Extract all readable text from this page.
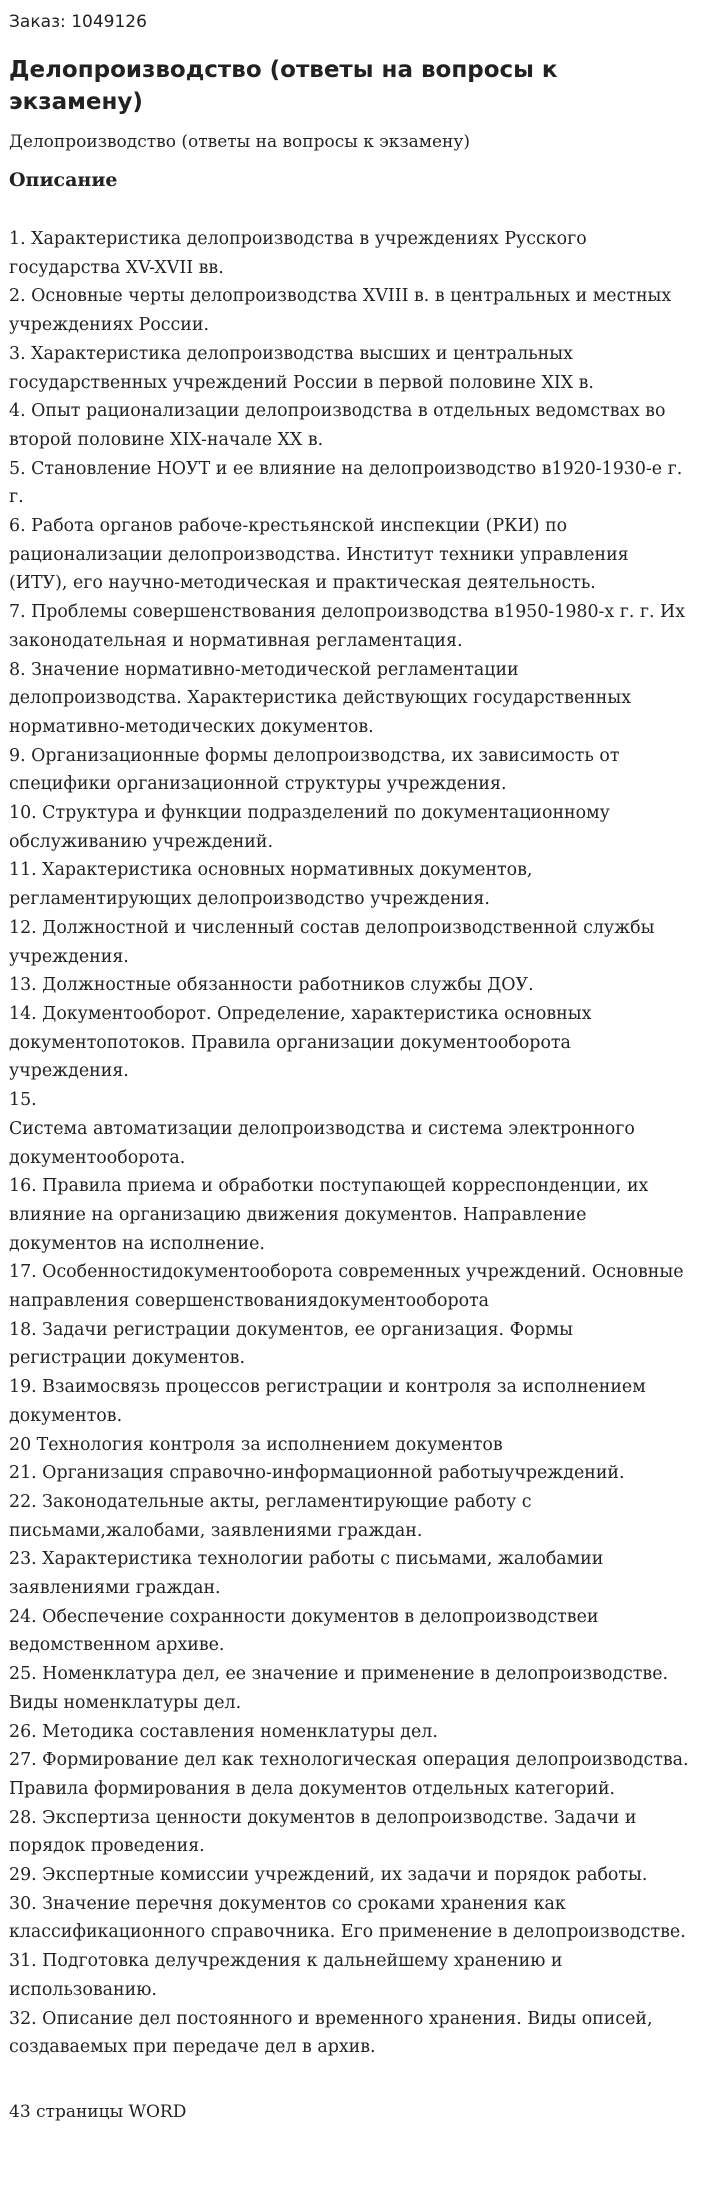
Заказ: 1049126

Делопроизводство (ответы на вопросы к экзамену)

Делопроизводство (ответы на вопросы к экзамену)

Описание
1. Характеристика делопроизводства в учреждениях Русского государства XV-XVII вв.
2. Основные черты делопроизводства XVIII в. в центральных и местных учреждениях России.
3. Характеристика делопроизводства высших и центральных государственных учреждений России в первой половине XIX в.
4. Опыт рационализации делопроизводства в отдельных ведомствах во второй половине XIX-начале XX в.
5. Становление НОУТ и ее влияние на делопроизводство в1920-1930-е г. г.
6. Работа органов рабоче-крестьянской инспекции (РКИ) по рационализации делопроизводства. Институт техники управления (ИТУ), его научно-методическая и практическая деятельность.
7. Проблемы совершенствования делопроизводства в1950-1980-х г. г. Их законодательная и нормативная регламентация.
8. Значение нормативно-методической регламентации делопроизводства. Характеристика действующих государственных нормативно-методических документов.
9. Организационные формы делопроизводства, их зависимость от специфики организационной структуры учреждения.
10. Структура и функции подразделений по документационному обслуживанию учреждений.
11. Характеристика основных нормативных документов, регламентирующих делопроизводство учреждения.
12. Должностной и численный состав делопроизводственной службы учреждения.
13. Должностные обязанности работников службы ДОУ.
14. Документооборот. Определение, характеристика основных документопотоков. Правила организации документооборота учреждения.
15.
Система автоматизации делопроизводства и система электронного документооборота.
16. Правила приема и обработки поступающей корреспонденции, их влияние на организацию движения документов. Направление документов на исполнение.
17. Особенностидокументооборота современных учреждений. Основные направления совершенствованиядокументооборота
18. Задачи регистрации документов, ее организация. Формы регистрации документов.
19. Взаимосвязь процессов регистрации и контроля за исполнением документов.
20 Технология контроля за исполнением документов
21. Организация справочно-информационной работыучреждений.
22. Законодательные акты, регламентирующие работу с письмами,жалобами, заявлениями граждан.
23. Характеристика технологии работы с письмами, жалобамии заявлениями граждан.
24. Обеспечение сохранности документов в делопроизводствеи ведомственном архиве.
25. Номенклатура дел, ее значение и применение в делопроизводстве. Виды номенклатуры дел.
26. Методика составления номенклатуры дел.
27. Формирование дел как технологическая операция делопроизводства. Правила формирования в дела документов отдельных категорий.
28. Экспертиза ценности документов в делопроизводстве. Задачи и порядок проведения.
29. Экспертные комиссии учреждений, их задачи и порядок работы.
30. Значение перечня документов со сроками хранения как классификационного справочника. Его применение в делопроизводстве.
31. Подготовка делучреждения к дальнейшему хранению и использованию.
32. Описание дел постоянного и временного хранения. Виды описей, создаваемых при передаче дел в архив.

43 страницы WORD
